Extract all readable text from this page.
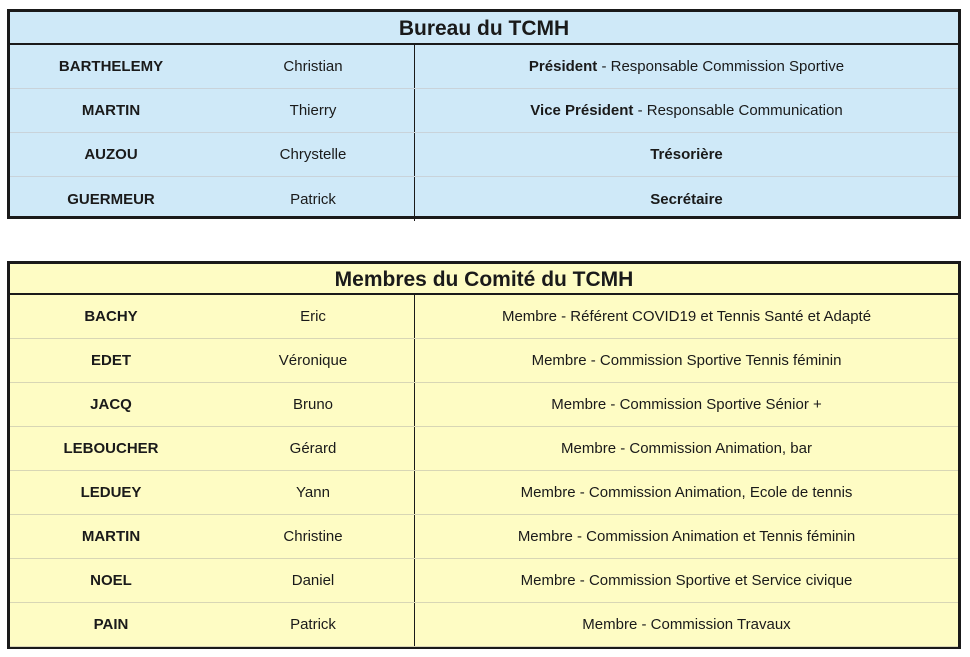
Bureau du TCMH
BARTHELEMY	Christian	Président - Responsable Commission Sportive
MARTIN	Thierry	Vice Président - Responsable Communication
AUZOU	Chrystelle	Trésorière
GUERMEUR	Patrick	Secrétaire
Membres du Comité du TCMH
BACHY	Eric	Membre - Référent COVID19 et Tennis Santé et Adapté
EDET	Véronique	Membre - Commission Sportive Tennis féminin
JACQ	Bruno	Membre - Commission Sportive Sénior +
LEBOUCHER	Gérard	Membre - Commission Animation, bar
LEDUEY	Yann	Membre - Commission Animation, Ecole de tennis
MARTIN	Christine	Membre - Commission Animation et Tennis féminin
NOEL	Daniel	Membre - Commission Sportive et Service civique
PAIN	Patrick	Membre - Commission Travaux
